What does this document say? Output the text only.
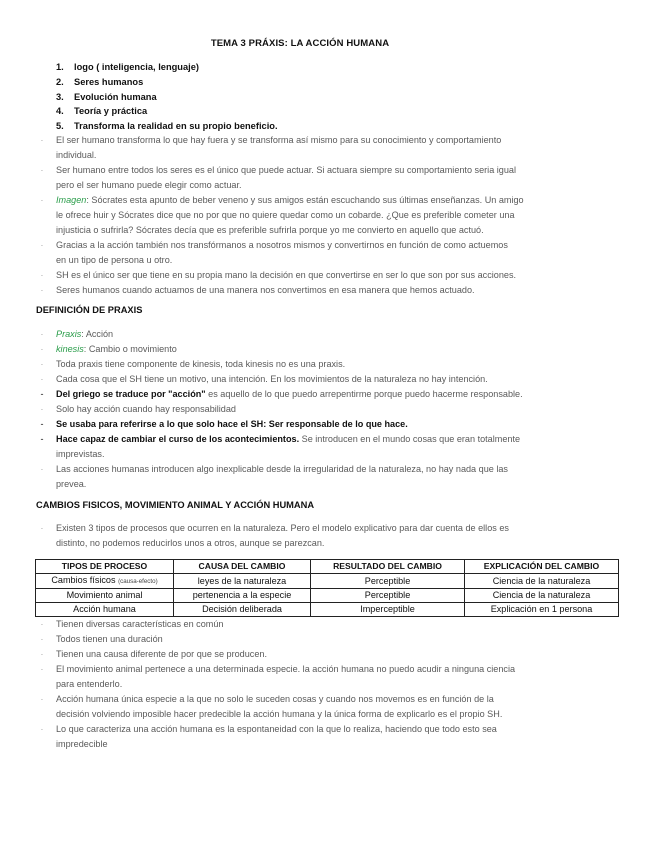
TEMA 3 PRÁXIS: LA ACCIÓN HUMANA
1. logo ( inteligencia, lenguaje)
2. Seres humanos
3. Evolución humana
4. Teoría y práctica
5. Transforma la realidad en su propio beneficio.
·	El ser humano transforma lo que hay fuera y se transforma así mismo para su conocimiento y comportamiento
individual.
·	Ser humano entre todos los seres es el único que puede actuar. Si actuara siempre su comportamiento seria igual
pero el ser humano puede elegir como actuar.
·	Imagen: Sócrates esta apunto de beber veneno y sus amigos están escuchando sus últimas enseñanzas. Un amigo
le ofrece huir y Sócrates dice que no por que no quiere quedar como un cobarde. ¿Que es preferible cometer una
injusticia o sufrirla? Sócrates decía que es preferible sufrirla porque yo me convierto en aquello que actuó.
·	Gracias a la acción también nos transfórmanos a nosotros mismos y convertirnos en función de como actuemos
en un tipo de persona u otro.
·	SH es el único ser que tiene en su propia mano la decisión en que convertirse en ser lo que son por sus acciones.
·	Seres humanos cuando actuamos de una manera nos convertimos en esa manera que hemos actuado.
DEFINICIÓN DE PRAXIS
·	Praxis: Acción
·	kinesis: Cambio o movimiento
·	Toda praxis tiene componente de kinesis, toda kinesis no es una praxis.
·	Cada cosa que el SH tiene un motivo, una intención. En los movimientos de la naturaleza no hay intención.
-	Del griego se traduce por "acción" es aquello de lo que puedo arrepentirme porque puedo hacerme responsable.
·	Solo hay acción cuando hay responsabilidad
-	Se usaba para referirse a lo que solo hace el SH: Ser responsable de lo que hace.
-	Hace capaz de cambiar el curso de los acontecimientos. Se introducen en el mundo cosas que eran totalmente
imprevistas.
·	Las acciones humanas introducen algo inexplicable desde la irregularidad de la naturaleza, no hay nada que las
prevea.
CAMBIOS FISICOS, MOVIMIENTO ANIMAL Y ACCIÓN HUMANA
·	Existen 3 tipos de procesos que ocurren en la naturaleza. Pero el modelo explicativo para dar cuenta de ellos es
distinto, no podemos reducirlos unos a otros, aunque se parezcan.
TIPOS DE PROCESO	CAUSA DEL CAMBIO	RESULTADO DEL CAMBIO	EXPLICACIÓN DEL CAMBIO
Cambios físicos (causa-efecto)	leyes de la naturaleza	Perceptible	Ciencia de la naturaleza
Movimiento animal	pertenencia a la especie	Perceptible	Ciencia de la naturaleza
Acción humana	Decisión deliberada	Imperceptible	Explicación en 1 persona
·	Tienen diversas características en común
·	Todos tienen una duración
·	Tienen una causa diferente de por que se producen.
·	El movimiento animal pertenece a una determinada especie. la acción humana no puedo acudir a ninguna ciencia
para entenderlo.
·	Acción humana única especie a la que no solo le suceden cosas y cuando nos movemos es en función de la
decisión volviendo imposible hacer predecible la acción humana y la única forma de explicarlo es el propio SH.
·	Lo que caracteriza una acción humana es la espontaneidad con la que lo realiza, haciendo que todo esto sea
impredecible
